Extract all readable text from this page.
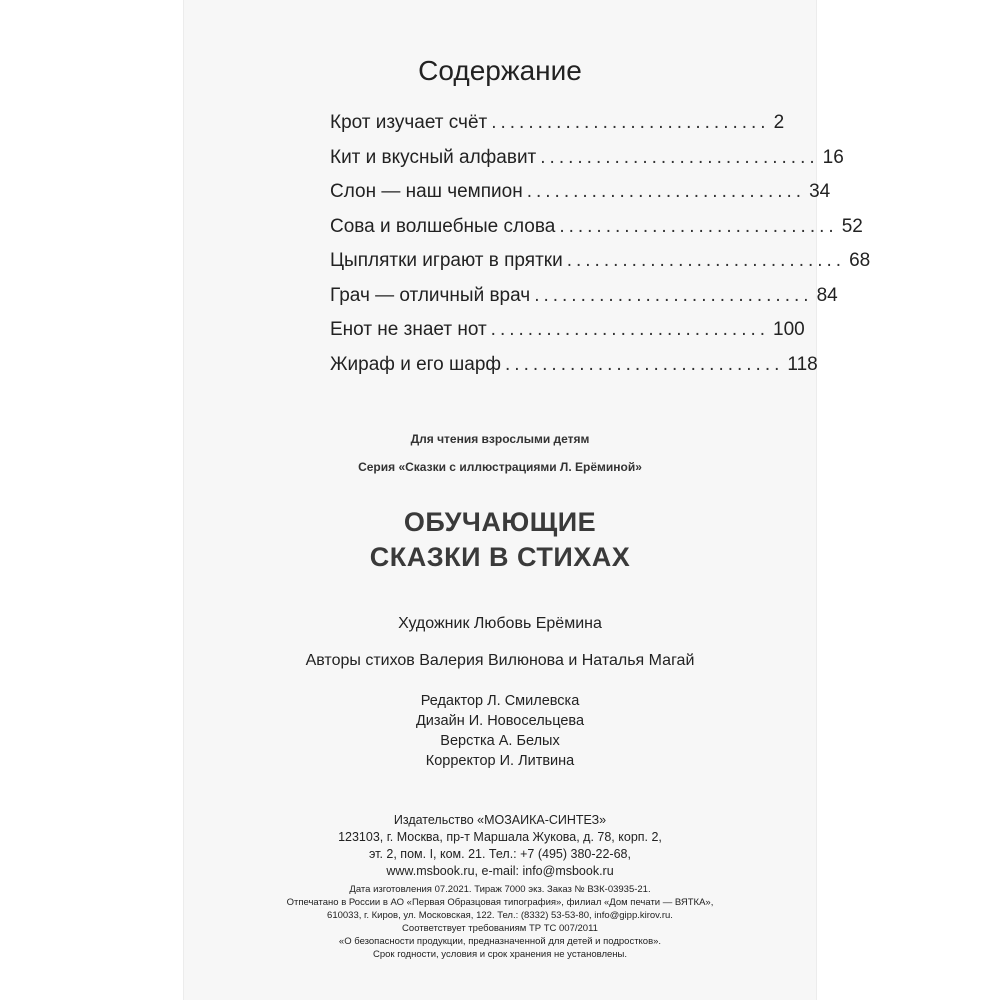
Содержание
Крот изучает счёт .............................. 2
Кит и вкусный алфавит .............................. 16
Слон — наш чемпион .............................. 34
Сова и волшебные слова .............................. 52
Цыплятки играют в прятки .............................. 68
Грач — отличный врач .............................. 84
Енот не знает нот .............................. 100
Жираф и его шарф .............................. 118
Для чтения взрослыми детям
Серия «Сказки с иллюстрациями Л. Ерёминой»
ОБУЧАЮЩИЕ
СКАЗКИ В СТИХАХ
Художник Любовь Ерёмина
Авторы стихов Валерия Вилюнова и Наталья Магай
Редактор Л. Смилевска
Дизайн И. Новосельцева
Верстка А. Белых
Корректор И. Литвина
Издательство «МОЗАИКА-СИНТЕЗ»
123103, г. Москва, пр-т Маршала Жукова, д. 78, корп. 2,
эт. 2, пом. I, ком. 21. Тел.: +7 (495) 380-22-68,
www.msbook.ru, e-mail: info@msbook.ru
Дата изготовления 07.2021. Тираж 7000 экз. Заказ № ВЗК-03935-21.
Отпечатано в России в АО «Первая Образцовая типография», филиал «Дом печати — ВЯТКА»,
610033, г. Киров, ул. Московская, 122. Тел.: (8332) 53-53-80, info@gipp.kirov.ru.
Соответствует требованиям ТР ТС 007/2011
«О безопасности продукции, предназначенной для детей и подростков».
Срок годности, условия и срок хранения не установлены.
